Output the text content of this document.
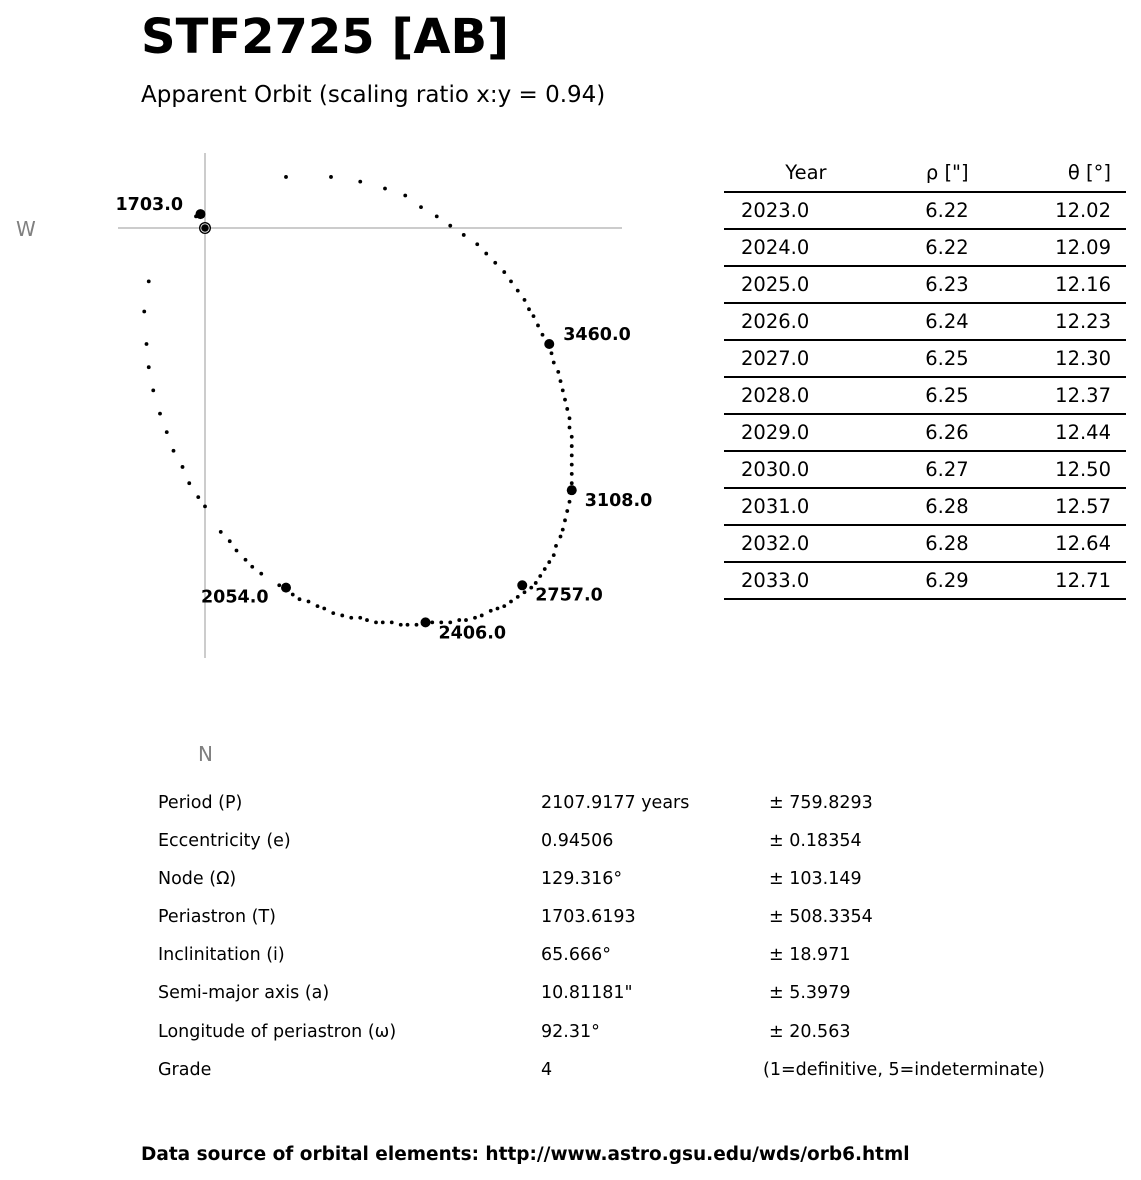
STF2725 [AB]
Apparent Orbit (scaling ratio x:y = 0.94)
1703.0
3460.0
3108.0
2757.0
2406.0
2054.0
W
N
Year	ρ ["]	θ [°]
2023.0	6.22	12.02
2024.0	6.22	12.09
2025.0	6.23	12.16
2026.0	6.24	12.23
2027.0	6.25	12.30
2028.0	6.25	12.37
2029.0	6.26	12.44
2030.0	6.27	12.50
2031.0	6.28	12.57
2032.0	6.28	12.64
2033.0	6.29	12.71
Period (P)	2107.9177 years	± 759.8293
Eccentricity (e)	0.94506	± 0.18354
Node (Ω)	129.316°	± 103.149
Periastron (T)	1703.6193	± 508.3354
Inclinitation (i)	65.666°	± 18.971
Semi-major axis (a)	10.81181"	± 5.3979
Longitude of periastron (ω)	92.31°	± 20.563
Grade	4	(1=definitive, 5=indeterminate)
Data source of orbital elements: http://www.astro.gsu.edu/wds/orb6.html
